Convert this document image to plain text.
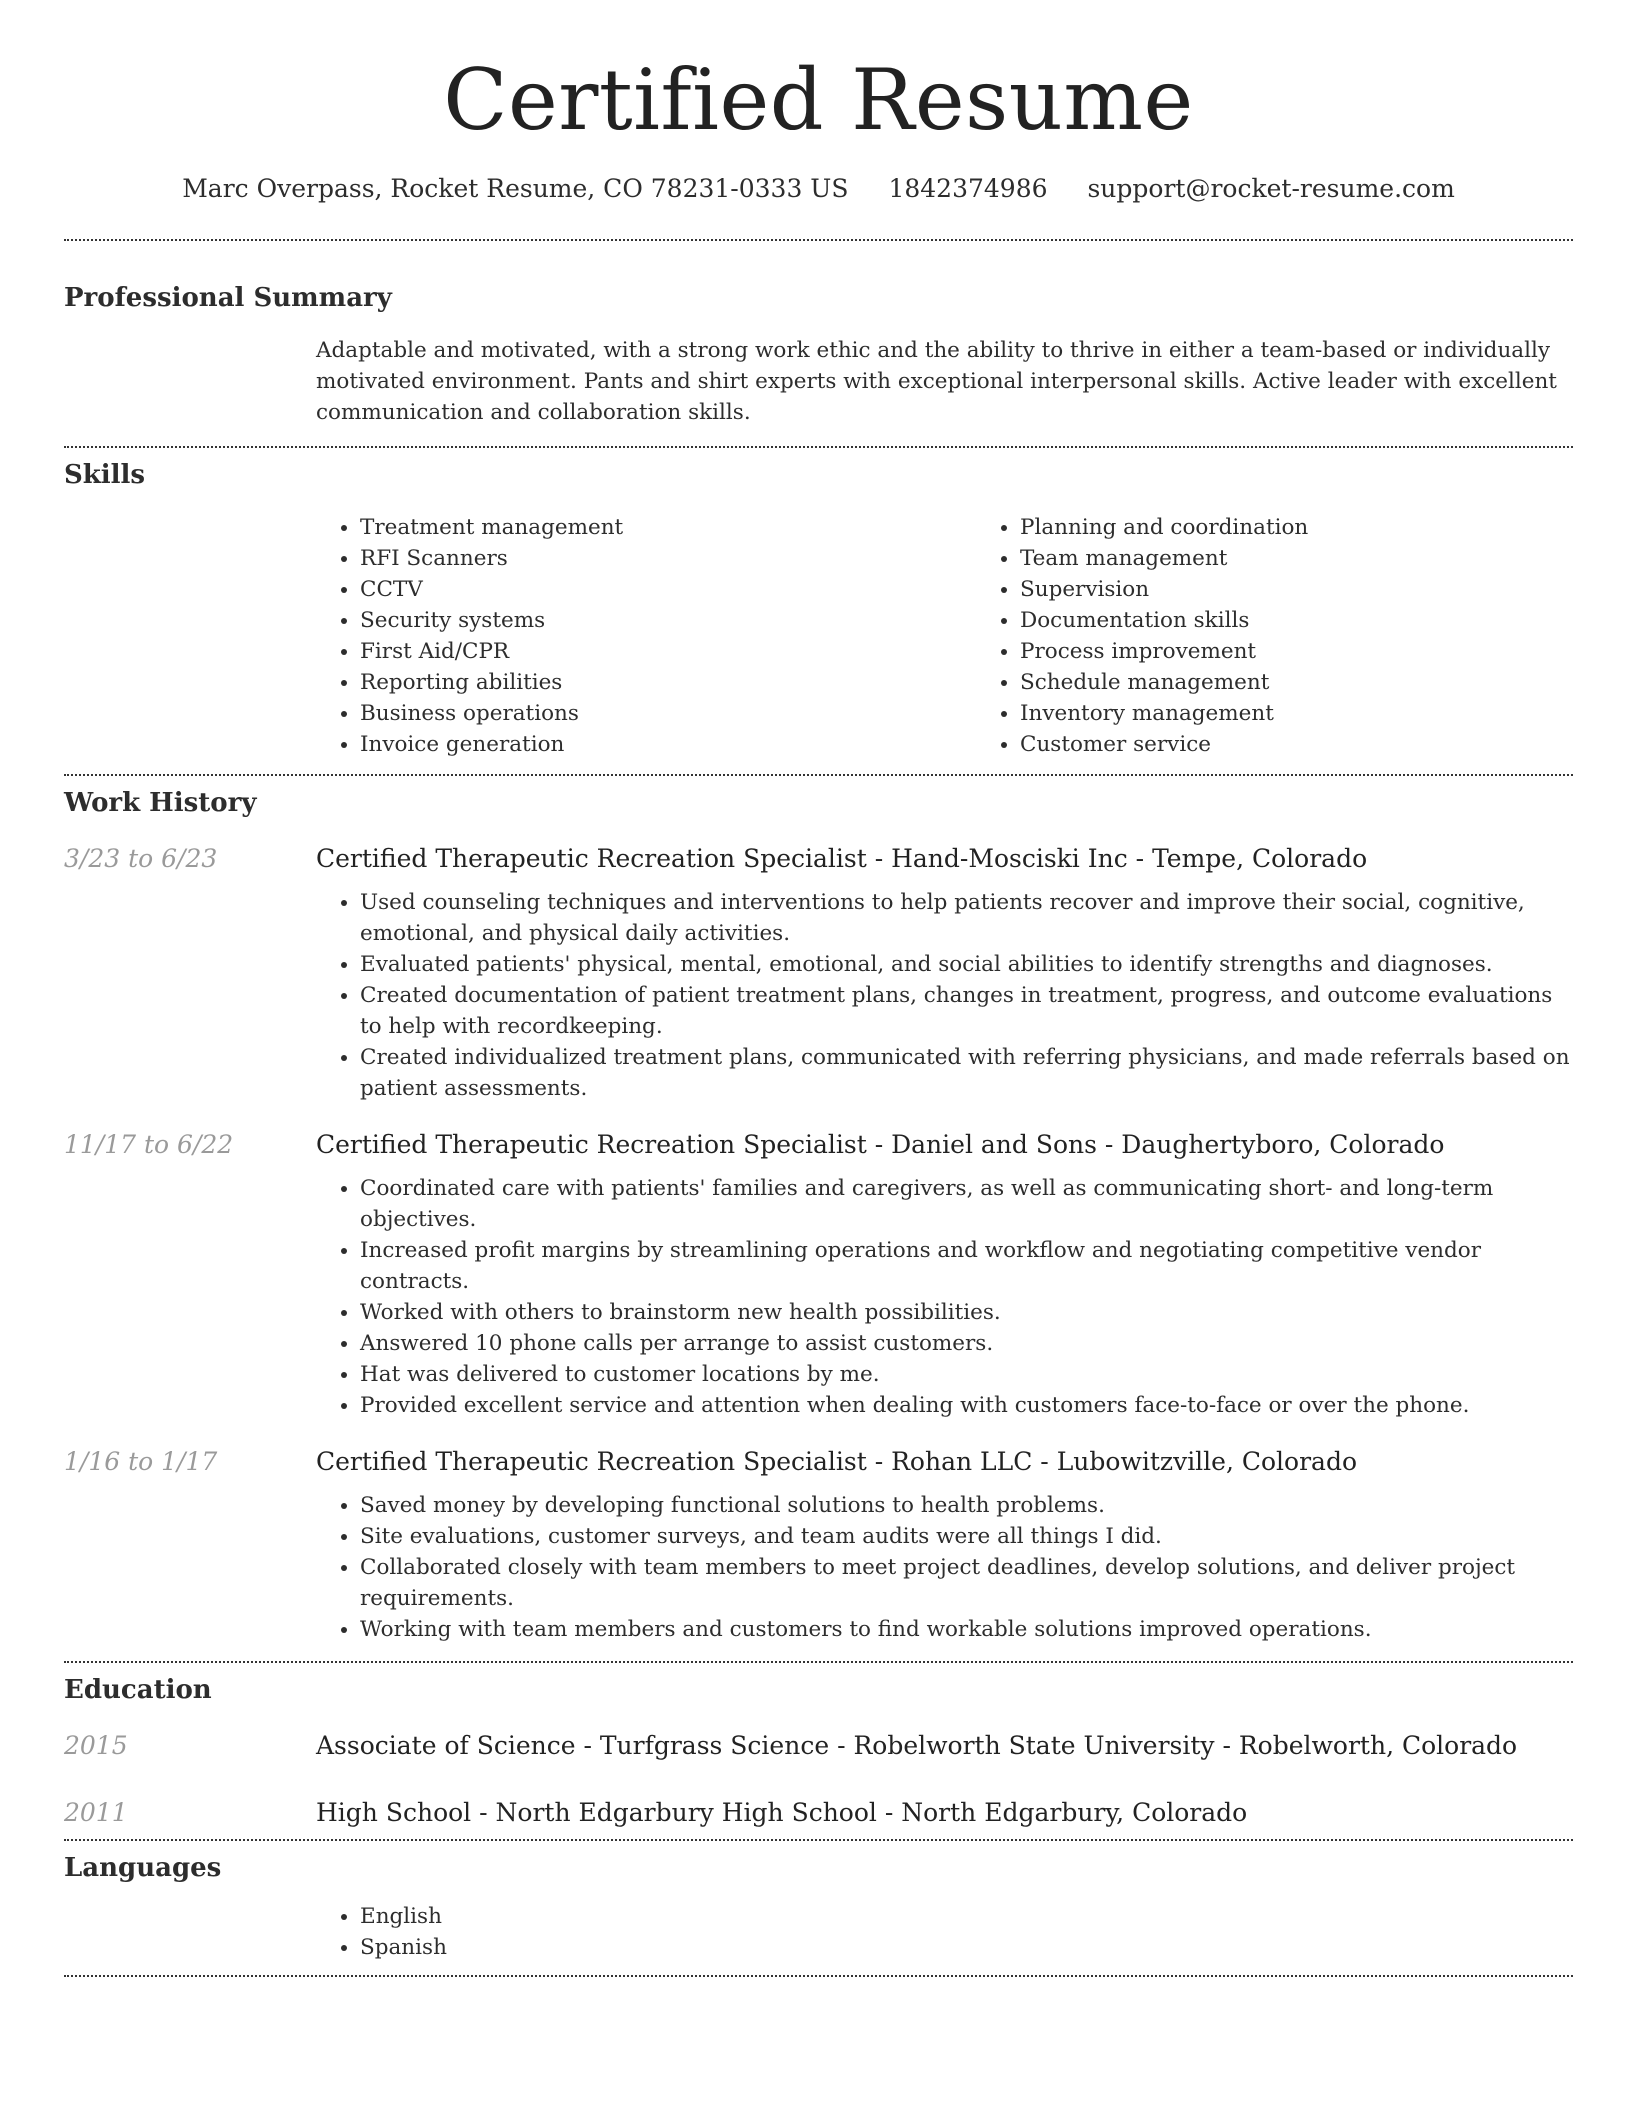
Certified Resume
Marc Overpass, Rocket Resume, CO 78231-0333 US 1842374986 support@rocket-resume.com
Professional Summary
Adaptable and motivated, with a strong work ethic and the ability to thrive in either a team-based or individually motivated environment. Pants and shirt experts with exceptional interpersonal skills. Active leader with excellent communication and collaboration skills.
Skills
• Treatment management
• RFI Scanners
• CCTV
• Security systems
• First Aid/CPR
• Reporting abilities
• Business operations
• Invoice generation
• Planning and coordination
• Team management
• Supervision
• Documentation skills
• Process improvement
• Schedule management
• Inventory management
• Customer service
Work History
3/23 to 6/23	Certified Therapeutic Recreation Specialist - Hand-Mosciski Inc - Tempe, Colorado
• Used counseling techniques and interventions to help patients recover and improve their social, cognitive, emotional, and physical daily activities.
• Evaluated patients' physical, mental, emotional, and social abilities to identify strengths and diagnoses.
• Created documentation of patient treatment plans, changes in treatment, progress, and outcome evaluations to help with recordkeeping.
• Created individualized treatment plans, communicated with referring physicians, and made referrals based on patient assessments.
11/17 to 6/22	Certified Therapeutic Recreation Specialist - Daniel and Sons - Daughertyboro, Colorado
• Coordinated care with patients' families and caregivers, as well as communicating short- and long-term objectives.
• Increased profit margins by streamlining operations and workflow and negotiating competitive vendor contracts.
• Worked with others to brainstorm new health possibilities.
• Answered 10 phone calls per arrange to assist customers.
• Hat was delivered to customer locations by me.
• Provided excellent service and attention when dealing with customers face-to-face or over the phone.
1/16 to 1/17	Certified Therapeutic Recreation Specialist - Rohan LLC - Lubowitzville, Colorado
• Saved money by developing functional solutions to health problems.
• Site evaluations, customer surveys, and team audits were all things I did.
• Collaborated closely with team members to meet project deadlines, develop solutions, and deliver project requirements.
• Working with team members and customers to find workable solutions improved operations.
Education
2015	Associate of Science - Turfgrass Science - Robelworth State University - Robelworth, Colorado
2011	High School - North Edgarbury High School - North Edgarbury, Colorado
Languages
• English
• Spanish
